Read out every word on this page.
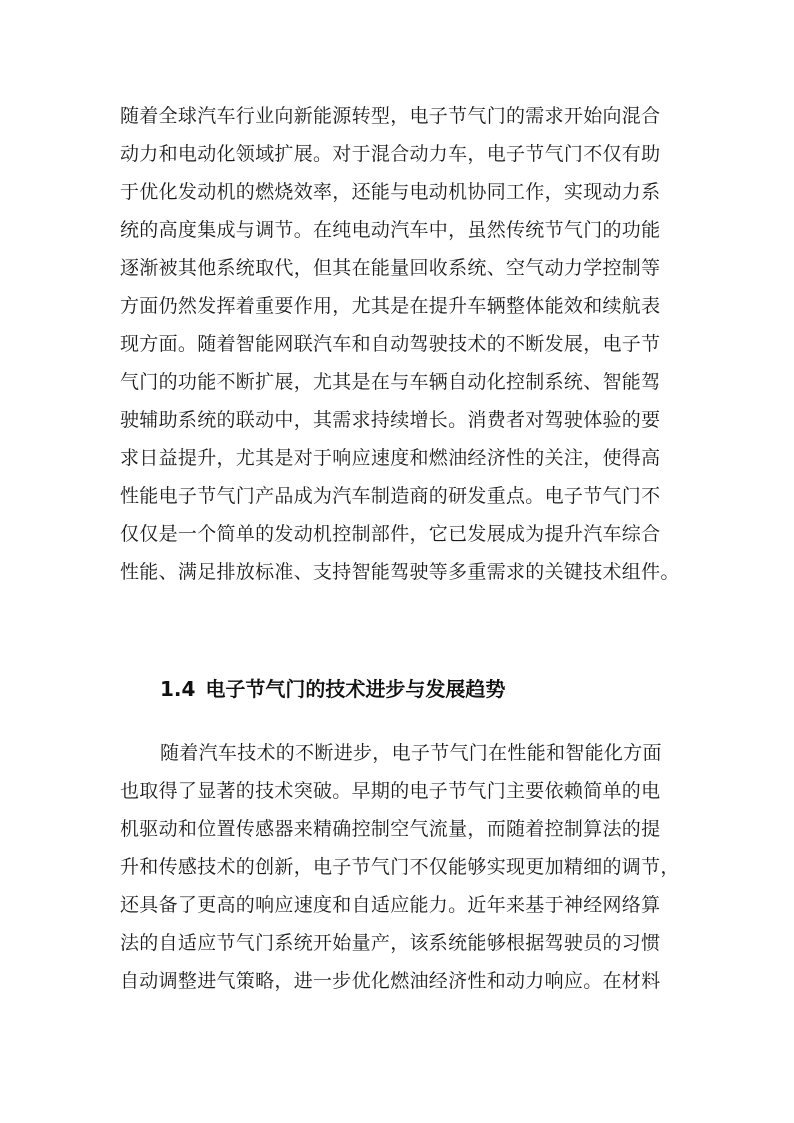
随着全球汽车行业向新能源转型，电子节气门的需求开始向混合
动力和电动化领域扩展。对于混合动力车，电子节气门不仅有助
于优化发动机的燃烧效率，还能与电动机协同工作，实现动力系
统的高度集成与调节。在纯电动汽车中，虽然传统节气门的功能
逐渐被其他系统取代，但其在能量回收系统、空气动力学控制等
方面仍然发挥着重要作用，尤其是在提升车辆整体能效和续航表
现方面。随着智能网联汽车和自动驾驶技术的不断发展，电子节
气门的功能不断扩展，尤其是在与车辆自动化控制系统、智能驾
驶辅助系统的联动中，其需求持续增长。消费者对驾驶体验的要
求日益提升，尤其是对于响应速度和燃油经济性的关注，使得高
性能电子节气门产品成为汽车制造商的研发重点。电子节气门不
仅仅是一个简单的发动机控制部件，它已发展成为提升汽车综合
性能、满足排放标准、支持智能驾驶等多重需求的关键技术组件。
1.4 电子节气门的技术进步与发展趋势
随着汽车技术的不断进步，电子节气门在性能和智能化方面
也取得了显著的技术突破。早期的电子节气门主要依赖简单的电
机驱动和位置传感器来精确控制空气流量，而随着控制算法的提
升和传感技术的创新，电子节气门不仅能够实现更加精细的调节，
还具备了更高的响应速度和自适应能力。近年来基于神经网络算
法的自适应节气门系统开始量产，该系统能够根据驾驶员的习惯
自动调整进气策略，进一步优化燃油经济性和动力响应。在材料
